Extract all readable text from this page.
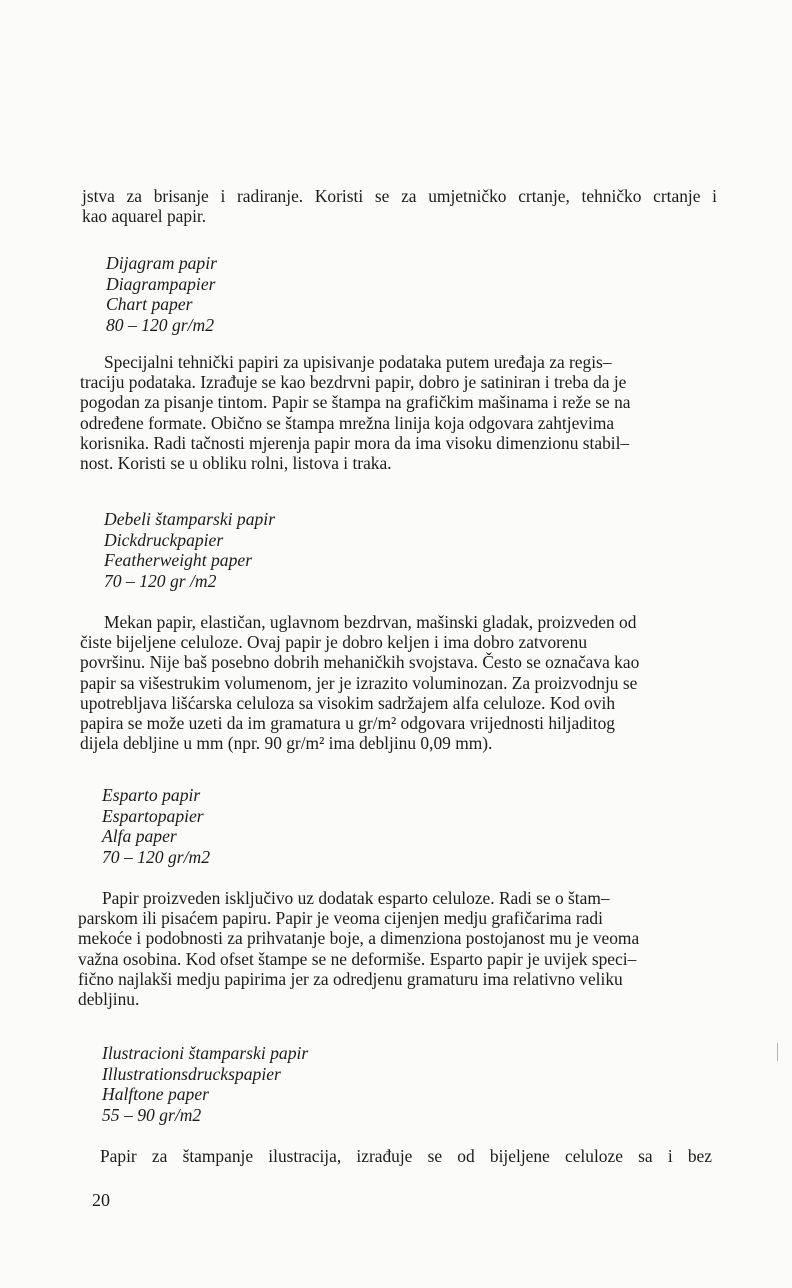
jstva za brisanje i radiranje. Koristi se za umjetničko crtanje, tehničko crtanje i
kao aquarel papir.

Dijagram papir
Diagrampapier
Chart paper
80 – 120 gr/m2

Specijalni tehnički papiri za upisivanje podataka putem uređaja za regis–
traciju podataka. Izrađuje se kao bezdrvni papir, dobro je satiniran i treba da je
pogodan za pisanje tintom. Papir se štampa na grafičkim mašinama i reže se na
određene formate. Obično se štampa mrežna linija koja odgovara zahtjevima
korisnika. Radi tačnosti mjerenja papir mora da ima visoku dimenzionu stabil–
nost. Koristi se u obliku rolni, listova i traka.

Debeli štamparski papir
Dickdruckpapier
Featherweight paper
70 – 120 gr /m2

Mekan papir, elastičan, uglavnom bezdrvan, mašinski gladak, proizveden od
čiste bijeljene celuloze. Ovaj papir je dobro keljen i ima dobro zatvorenu
površinu. Nije baš posebno dobrih mehaničkih svojstava. Često se označava kao
papir sa višestrukim volumenom, jer je izrazito voluminozan. Za proizvodnju se
upotrebljava lišćarska celuloza sa visokim sadržajem alfa celuloze. Kod ovih
papira se može uzeti da im gramatura u gr/m² odgovara vrijednosti hiljaditog
dijela debljine u mm (npr. 90 gr/m² ima debljinu 0,09 mm).

Esparto papir
Espartopapier
Alfa paper
70 – 120 gr/m2

Papir proizveden isključivo uz dodatak esparto celuloze. Radi se o štam–
parskom ili pisaćem papiru. Papir je veoma cijenjen medju grafičarima radi
mekoće i podobnosti za prihvatanje boje, a dimenziona postojanost mu je veoma
važna osobina. Kod ofset štampe se ne deformiše. Esparto papir je uvijek speci–
fično najlakši medju papirima jer za odredjenu gramaturu ima relativno veliku
debljinu.

Ilustracioni štamparski papir
Illustrationsdruckspapier
Halftone paper
55 – 90 gr/m2

Papir za štampanje ilustracija, izrađuje se od bijeljene celuloze sa i bez

20
